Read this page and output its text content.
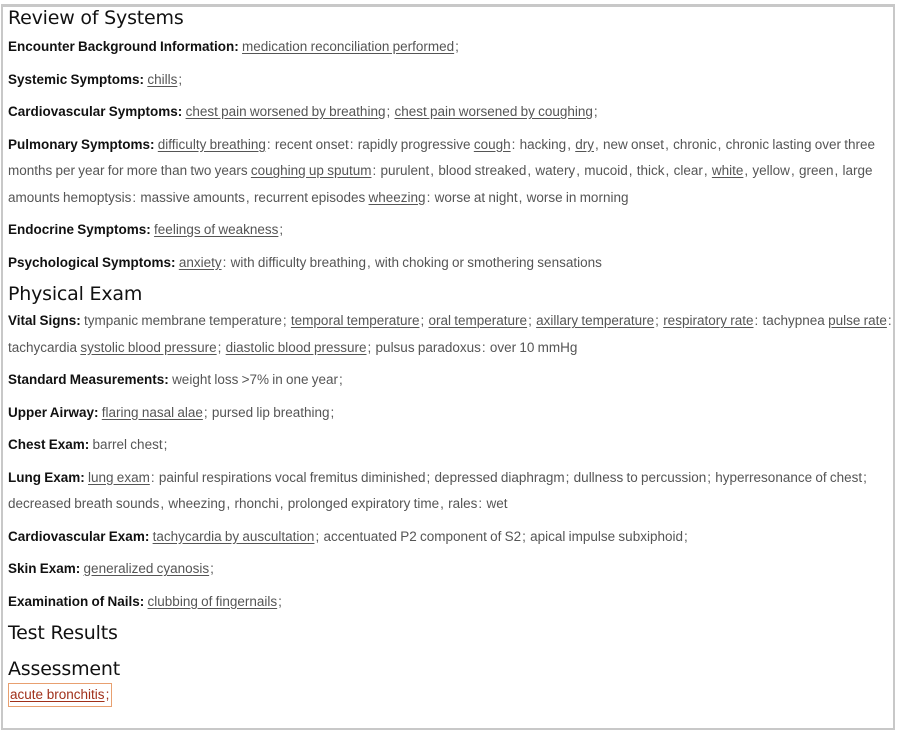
Review of Systems
Encounter Background Information: medication reconciliation performed;
Systemic Symptoms: chills;
Cardiovascular Symptoms: chest pain worsened by breathing; chest pain worsened by coughing;
Pulmonary Symptoms: difficulty breathing: recent onset: rapidly progressive cough: hacking, dry, new onset, chronic, chronic lasting over three months per year for more than two years coughing up sputum: purulent, blood streaked, watery, mucoid, thick, clear, white, yellow, green, large amounts hemoptysis: massive amounts, recurrent episodes wheezing: worse at night, worse in morning
Endocrine Symptoms: feelings of weakness;
Psychological Symptoms: anxiety: with difficulty breathing, with choking or smothering sensations
Physical Exam
Vital Signs: tympanic membrane temperature; temporal temperature; oral temperature; axillary temperature; respiratory rate: tachypnea pulse rate: tachycardia systolic blood pressure; diastolic blood pressure; pulsus paradoxus: over 10 mmHg
Standard Measurements: weight loss >7% in one year;
Upper Airway: flaring nasal alae; pursed lip breathing;
Chest Exam: barrel chest;
Lung Exam: lung exam: painful respirations vocal fremitus diminished; depressed diaphragm; dullness to percussion; hyperresonance of chest; decreased breath sounds, wheezing, rhonchi, prolonged expiratory time, rales: wet
Cardiovascular Exam: tachycardia by auscultation; accentuated P2 component of S2; apical impulse subxiphoid;
Skin Exam: generalized cyanosis;
Examination of Nails: clubbing of fingernails;
Test Results
Assessment
acute bronchitis;
